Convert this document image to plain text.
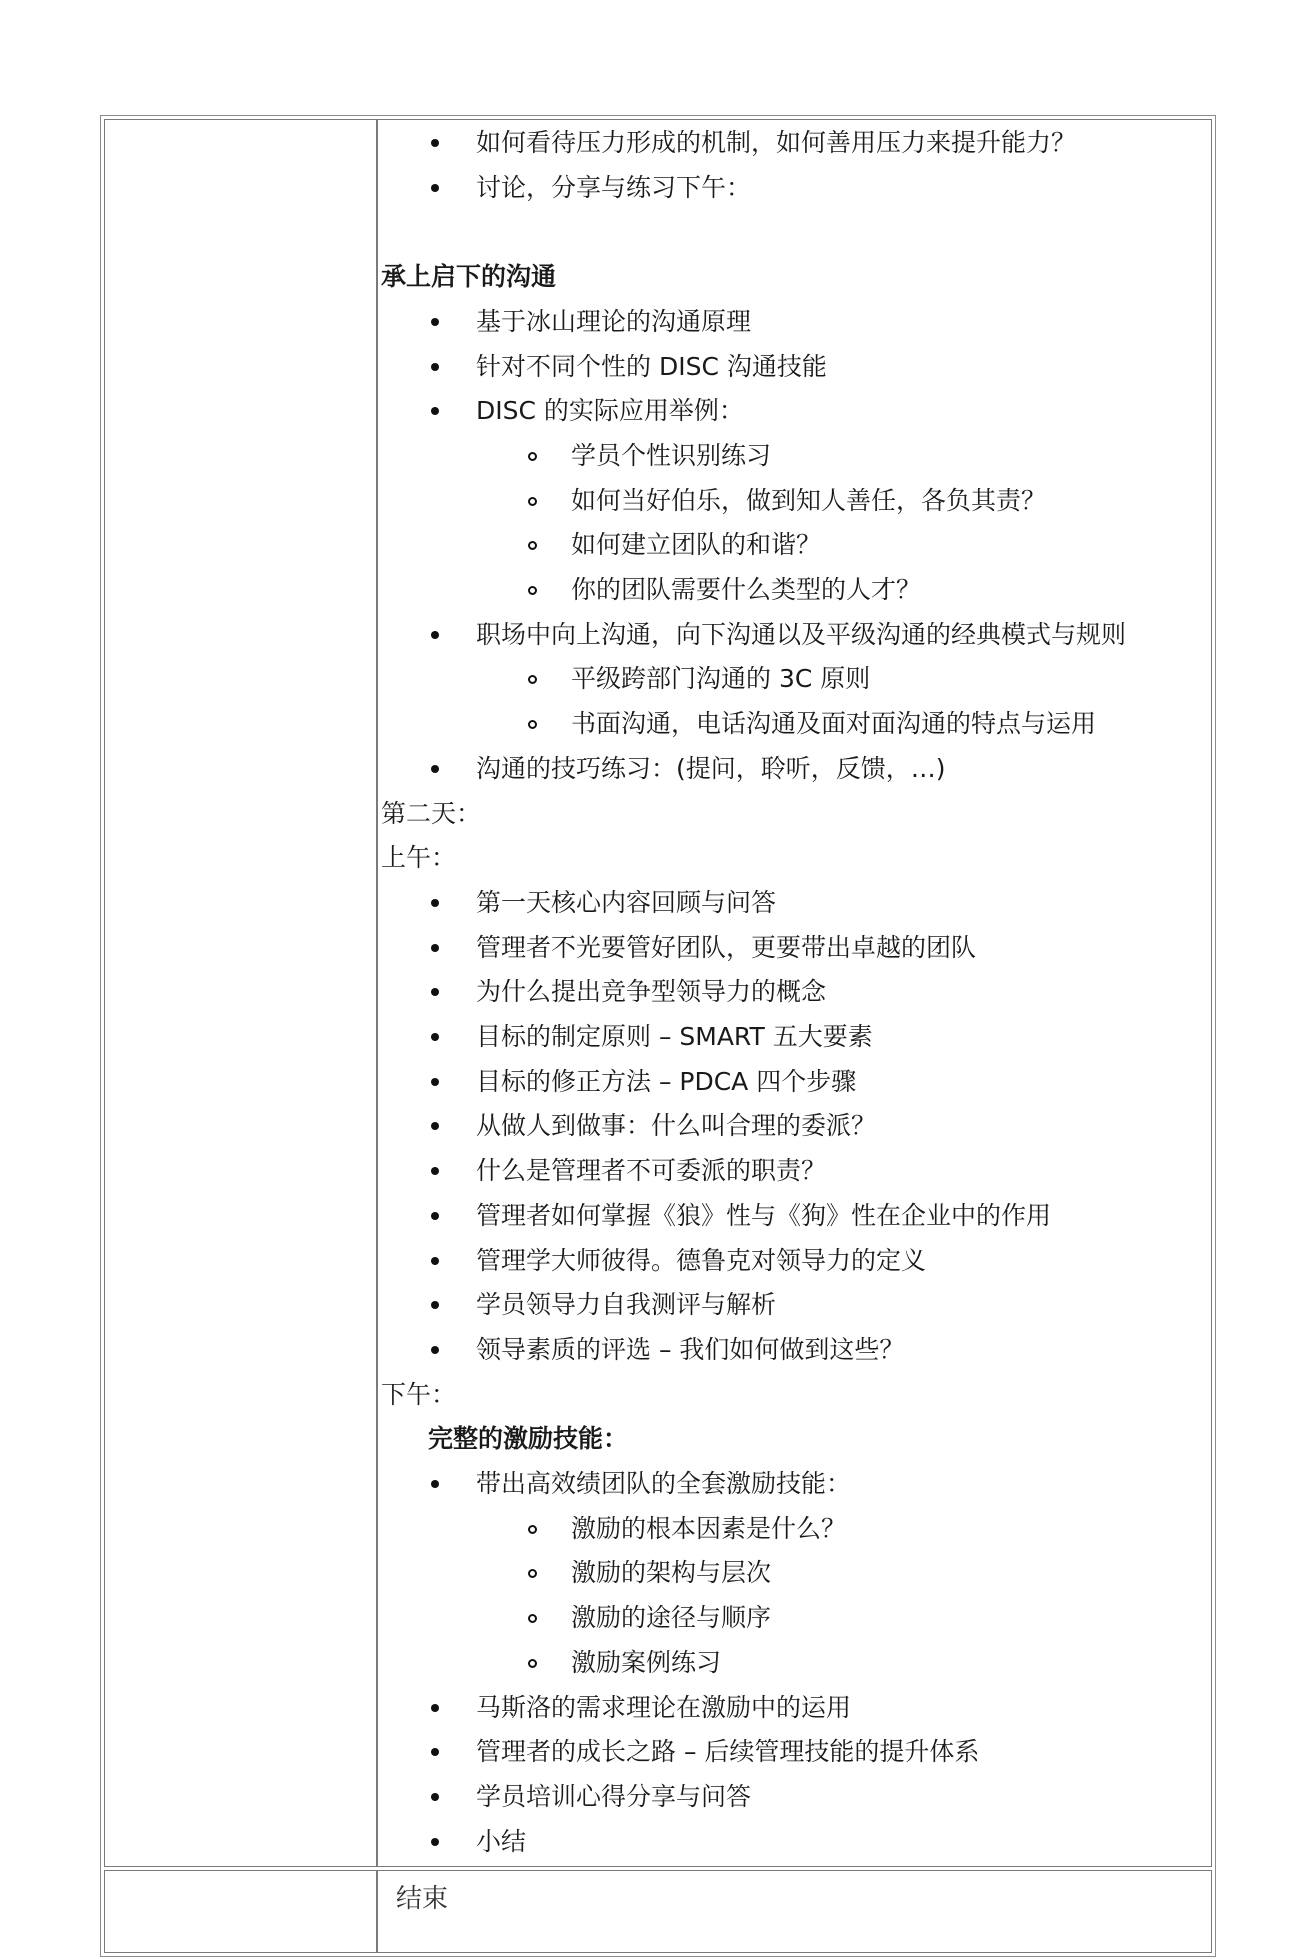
如何看待压力形成的机制，如何善用压力来提升能力？
讨论，分享与练习下午：
承上启下的沟通
基于冰山理论的沟通原理
针对不同个性的 DISC 沟通技能
DISC 的实际应用举例：
学员个性识别练习
如何当好伯乐，做到知人善任，各负其责？
如何建立团队的和谐？
你的团队需要什么类型的人才？
职场中向上沟通，向下沟通以及平级沟通的经典模式与规则
平级跨部门沟通的 3C 原则
书面沟通，电话沟通及面对面沟通的特点与运用
沟通的技巧练习：(提问，聆听，反馈，…)
第二天：
上午：
第一天核心内容回顾与问答
管理者不光要管好团队，更要带出卓越的团队
为什么提出竞争型领导力的概念
目标的制定原则 – SMART 五大要素
目标的修正方法 – PDCA 四个步骤
从做人到做事：什么叫合理的委派？
什么是管理者不可委派的职责？
管理者如何掌握《狼》性与《狗》性在企业中的作用
管理学大师彼得。德鲁克对领导力的定义
学员领导力自我测评与解析
领导素质的评选 – 我们如何做到这些？
下午：
完整的激励技能：
带出高效绩团队的全套激励技能：
激励的根本因素是什么？
激励的架构与层次
激励的途径与顺序
激励案例练习
马斯洛的需求理论在激励中的运用
管理者的成长之路 – 后续管理技能的提升体系
学员培训心得分享与问答
小结
结束
